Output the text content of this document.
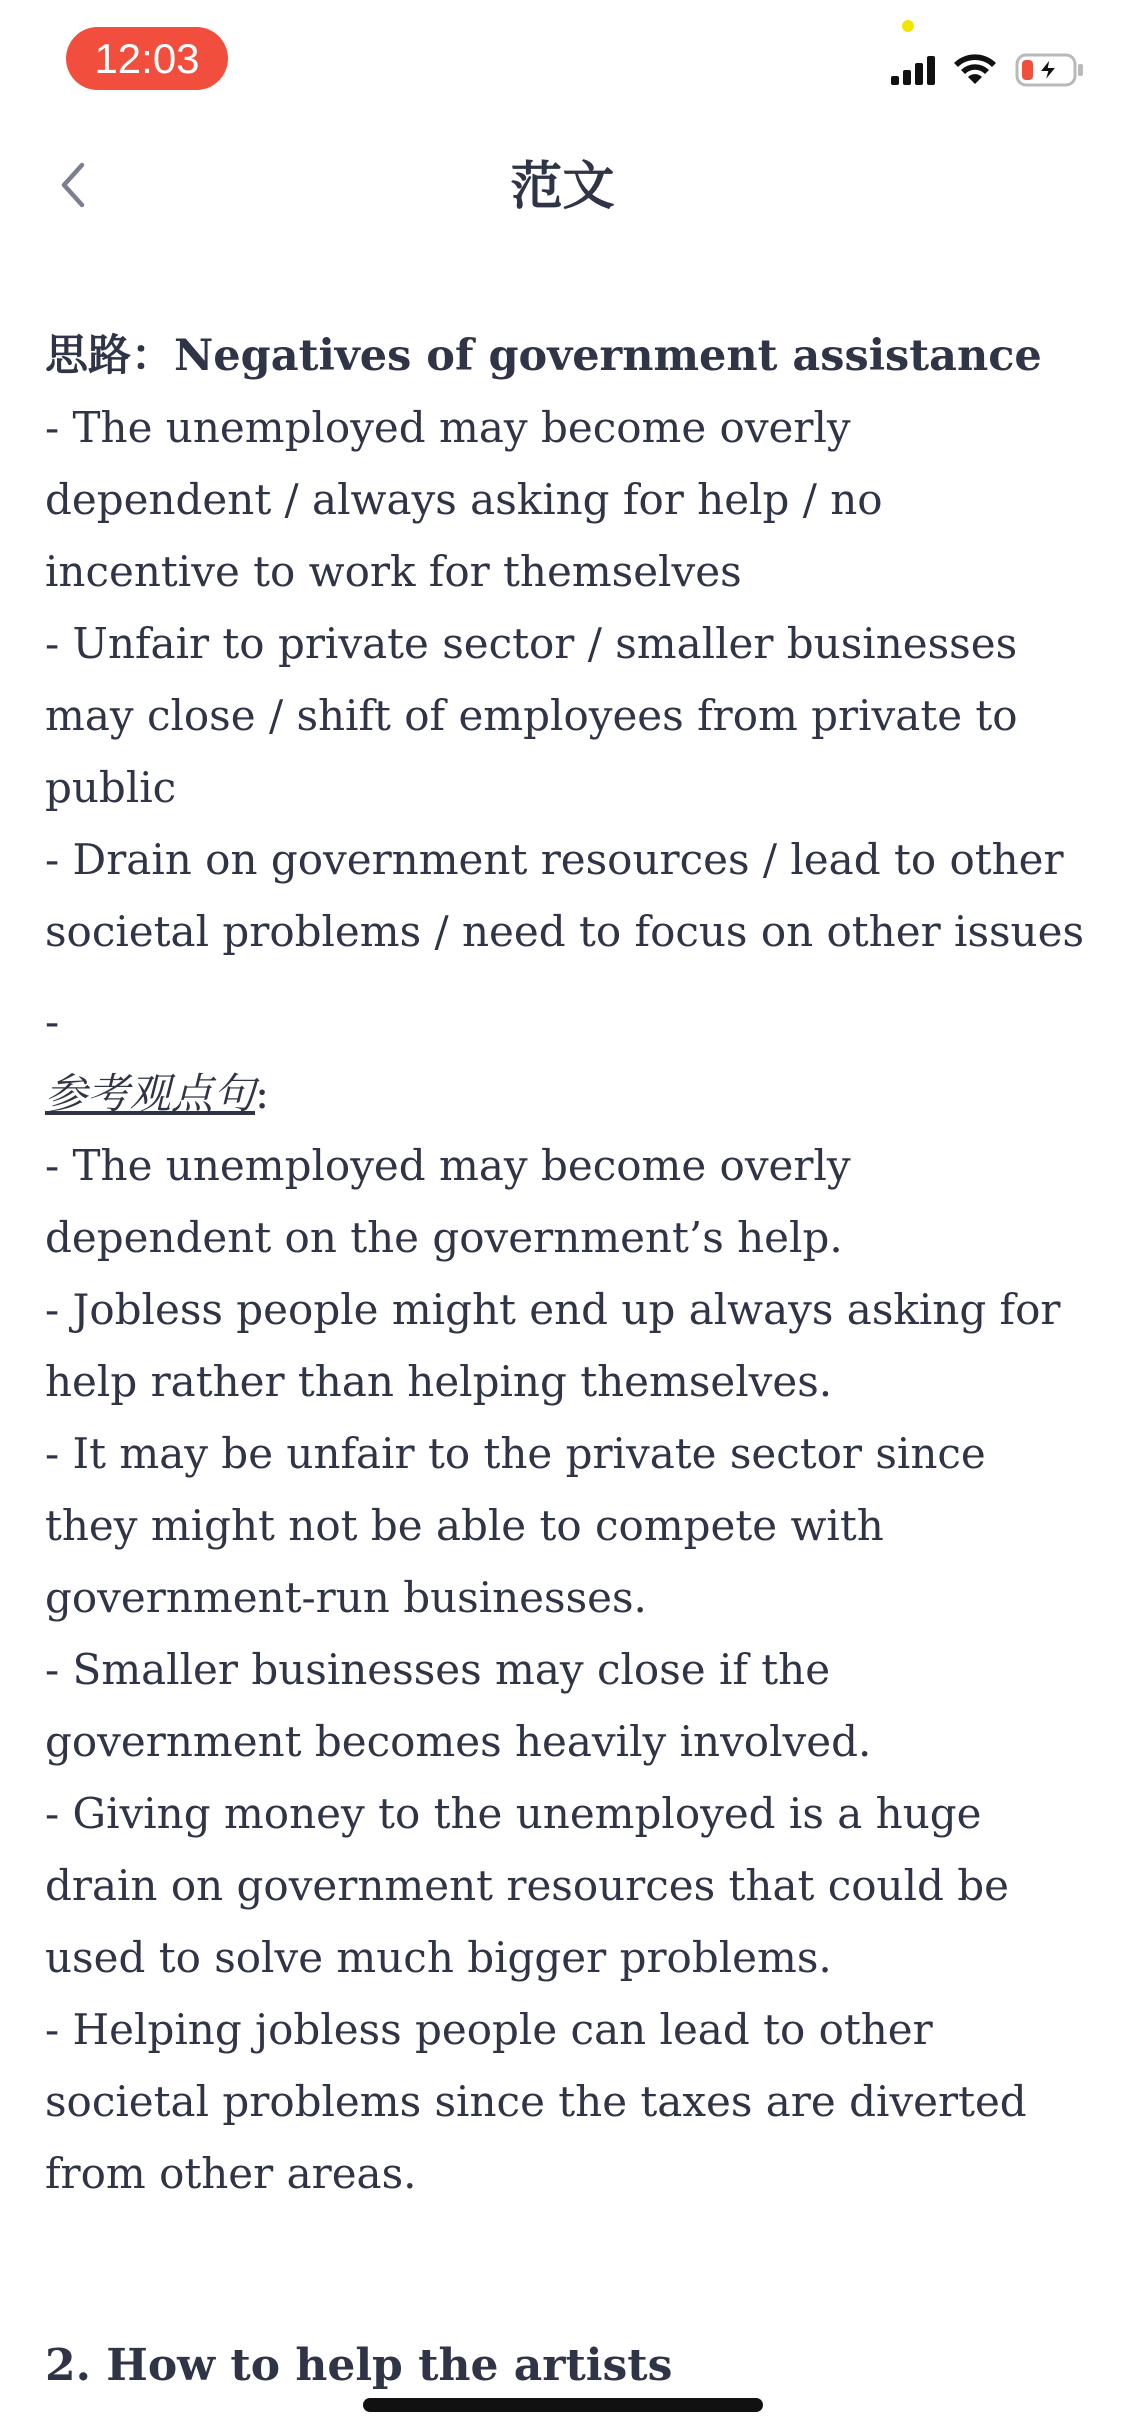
12:03
范文
思路：Negatives of government assistance

- The unemployed may become overly dependent / always asking for help / no incentive to work for themselves

- Unfair to private sector / smaller businesses may close / shift of employees from private to public

- Drain on government resources / lead to other societal problems / need to focus on other issues

-
参考观点句:

- The unemployed may become overly dependent on the government’s help.

- Jobless people might end up always asking for help rather than helping themselves.

- It may be unfair to the private sector since they might not be able to compete with government-run businesses.

- Smaller businesses may close if the government becomes heavily involved.

- Giving money to the unemployed is a huge drain on government resources that could be used to solve much bigger problems.

- Helping jobless people can lead to other societal problems since the taxes are diverted from other areas.

2. How to help the artists
